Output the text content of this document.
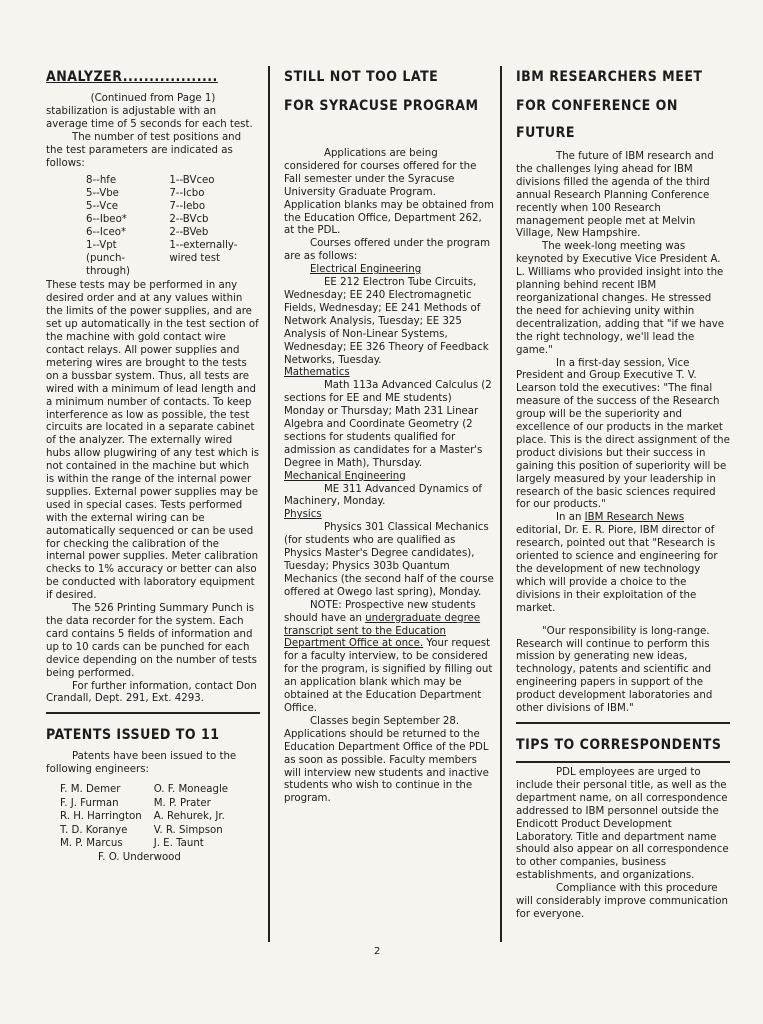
ANALYZER..................

(Continued from Page 1)

stabilization is adjustable with an average time of 5 seconds for each test.

The number of test positions and the test parameters are indicated as follows:

8--hfe	1--BVceo
5--Vbe	7--Icbo
5--Vce	7--Iebo
6--Ibeo*	2--BVcb
6--Iceo*	2--BVeb
1--Vpt (punch-through)	1--externally-wired test

These tests may be performed in any desired order and at any values within the limits of the power supplies, and are set up automatically in the test section of the machine with gold contact wire contact relays. All power supplies and metering wires are brought to the tests on a bussbar system. Thus, all tests are wired with a minimum of lead length and a minimum number of contacts. To keep interference as low as possible, the test circuits are located in a separate cabinet of the analyzer. The externally wired hubs allow plugwiring of any test which is not contained in the machine but which is within the range of the internal power supplies. External power supplies may be used in special cases. Tests performed with the external wiring can be automatically sequenced or can be used for checking the calibration of the internal power supplies. Meter calibration checks to 1% accuracy or better can also be conducted with laboratory equipment if desired.

The 526 Printing Summary Punch is the data recorder for the system. Each card contains 5 fields of information and up to 10 cards can be punched for each device depending on the number of tests being performed.

For further information, contact Don Crandall, Dept. 291, Ext. 4293.

PATENTS ISSUED TO 11

Patents have been issued to the following engineers:

F. M. Demer	O. F. Moneagle
F. J. Furman	M. P. Prater
R. H. Harrington	A. Rehurek, Jr.
T. D. Koranye	V. R. Simpson
M. P. Marcus	J. E. Taunt
F. O. Underwood
STILL NOT TOO LATE
FOR SYRACUSE PROGRAM

Applications are being considered for courses offered for the Fall semester under the Syracuse University Graduate Program. Application blanks may be obtained from the Education Office, Department 262, at the PDL.

Courses offered under the program are as follows:

Electrical Engineering

EE 212 Electron Tube Circuits, Wednesday; EE 240 Electromagnetic Fields, Wednesday; EE 241 Methods of Network Analysis, Tuesday; EE 325 Analysis of Non-Linear Systems, Wednesday; EE 326 Theory of Feedback Networks, Tuesday.

Mathematics

Math 113a Advanced Calculus (2 sections for EE and ME students) Monday or Thursday; Math 231 Linear Algebra and Coordinate Geometry (2 sections for students qualified for admission as candidates for a Master's Degree in Math), Thursday.

Mechanical Engineering

ME 311 Advanced Dynamics of Machinery, Monday.

Physics

Physics 301 Classical Mechanics (for students who are qualified as Physics Master's Degree candidates), Tuesday; Physics 303b Quantum Mechanics (the second half of the course offered at Owego last spring), Monday.

NOTE: Prospective new students should have an undergraduate degree transcript sent to the Education Department Office at once. Your request for a faculty interview, to be considered for the program, is signified by filling out an application blank which may be obtained at the Education Department Office.

Classes begin September 28. Applications should be returned to the Education Department Office of the PDL as soon as possible. Faculty members will interview new students and inactive students who wish to continue in the program.

IBM RESEARCHERS MEET
FOR CONFERENCE ON FUTURE

The future of IBM research and the challenges lying ahead for IBM divisions filled the agenda of the third annual Research Planning Conference recently when 100 Research management people met at Melvin Village, New Hampshire.

The week-long meeting was keynoted by Executive Vice President A. L. Williams who provided insight into the planning behind recent IBM reorganizational changes. He stressed the need for achieving unity within decentralization, adding that "if we have the right technology, we'll lead the game."

In a first-day session, Vice President and Group Executive T. V. Learson told the executives: "The final measure of the success of the Research group will be the superiority and excellence of our products in the market place. This is the direct assignment of the product divisions but their success in gaining this position of superiority will be largely measured by your leadership in research of the basic sciences required for our products."

In an IBM Research News editorial, Dr. E. R. Piore, IBM director of research, pointed out that "Research is oriented to science and engineering for the development of new technology which will provide a choice to the divisions in their exploitation of the market.

"Our responsibility is long-range. Research will continue to perform this mission by generating new ideas, technology, patents and scientific and engineering papers in support of the product development laboratories and other divisions of IBM."

TIPS TO CORRESPONDENTS

PDL employees are urged to include their personal title, as well as the department name, on all correspondence addressed to IBM personnel outside the Endicott Product Development Laboratory. Title and department name should also appear on all correspondence to other companies, business establishments, and organizations.

Compliance with this procedure will considerably improve communication for everyone.

2
